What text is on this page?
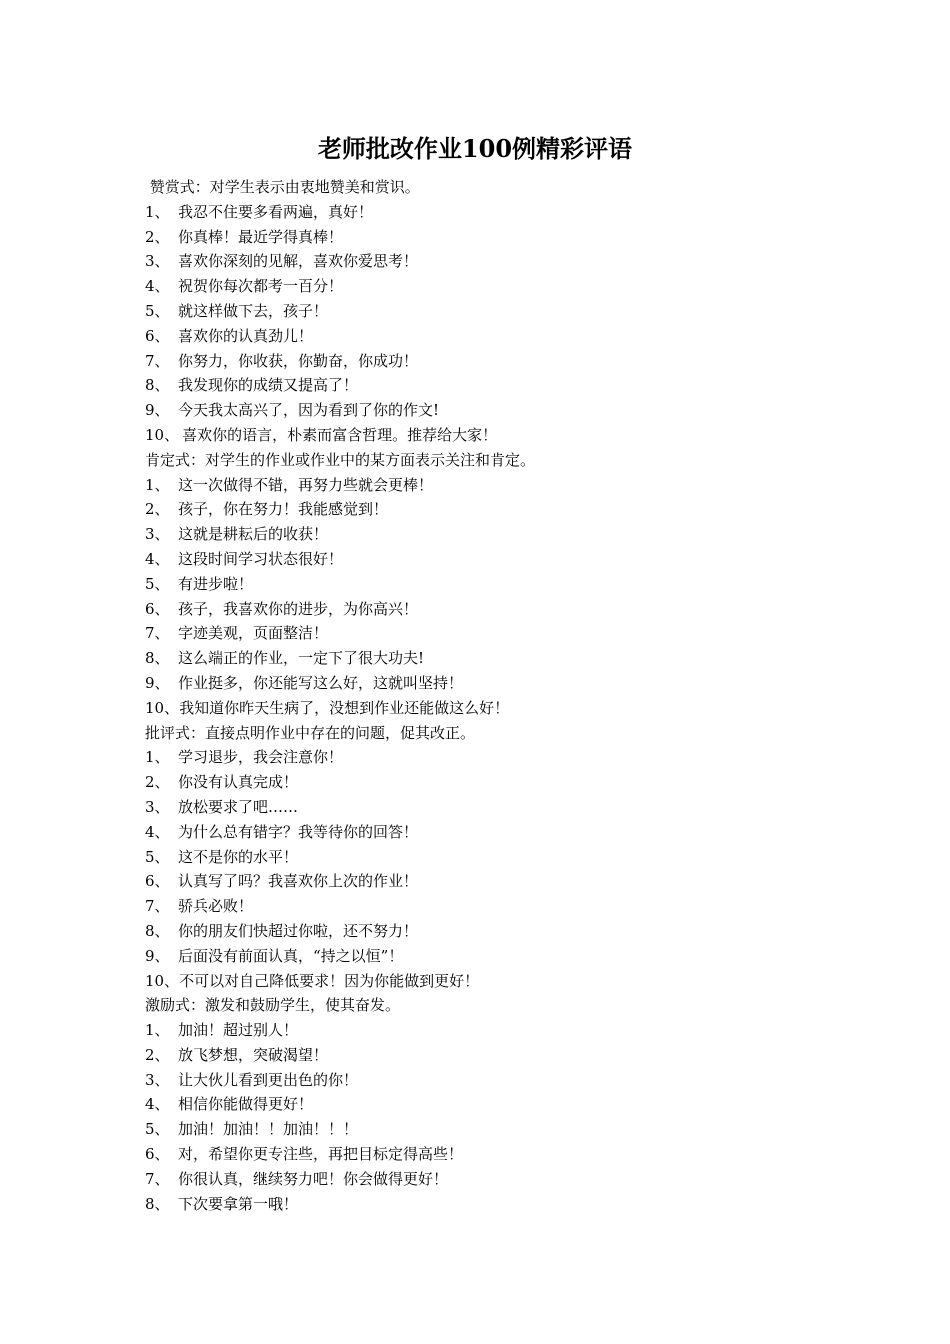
老师批改作业100例精彩评语
赞赏式：对学生表示由衷地赞美和赏识。
1、 我忍不住要多看两遍，真好！
2、 你真棒！最近学得真棒！
3、 喜欢你深刻的见解，喜欢你爱思考！
4、 祝贺你每次都考一百分！
5、 就这样做下去，孩子！
6、 喜欢你的认真劲儿！
7、 你努力，你收获，你勤奋，你成功！
8、 我发现你的成绩又提高了！
9、 今天我太高兴了，因为看到了你的作文!
10、 喜欢你的语言，朴素而富含哲理。推荐给大家！
肯定式：对学生的作业或作业中的某方面表示关注和肯定。
1、 这一次做得不错，再努力些就会更棒！
2、 孩子，你在努力！我能感觉到！
3、 这就是耕耘后的收获！
4、 这段时间学习状态很好！
5、 有进步啦！
6、 孩子，我喜欢你的进步，为你高兴！
7、 字迹美观，页面整洁！
8、 这么端正的作业，一定下了很大功夫!
9、 作业挺多，你还能写这么好，这就叫坚持！
10、我知道你昨天生病了，没想到作业还能做这么好！
批评式：直接点明作业中存在的问题，促其改正。
1、 学习退步，我会注意你！
2、 你没有认真完成！
3、 放松要求了吧……
4、 为什么总有错字？我等待你的回答！
5、 这不是你的水平！
6、 认真写了吗？我喜欢你上次的作业！
7、 骄兵必败！
8、 你的朋友们快超过你啦，还不努力！
9、 后面没有前面认真，“持之以恒”！
10、不可以对自己降低要求！因为你能做到更好！
激励式：激发和鼓励学生，使其奋发。
1、 加油！超过别人！
2、 放飞梦想，突破渴望！
3、 让大伙儿看到更出色的你！
4、 相信你能做得更好！
5、 加油！加油！！加油！！！
6、 对，希望你更专注些，再把目标定得高些！
7、 你很认真，继续努力吧！你会做得更好！
8、 下次要拿第一哦！
